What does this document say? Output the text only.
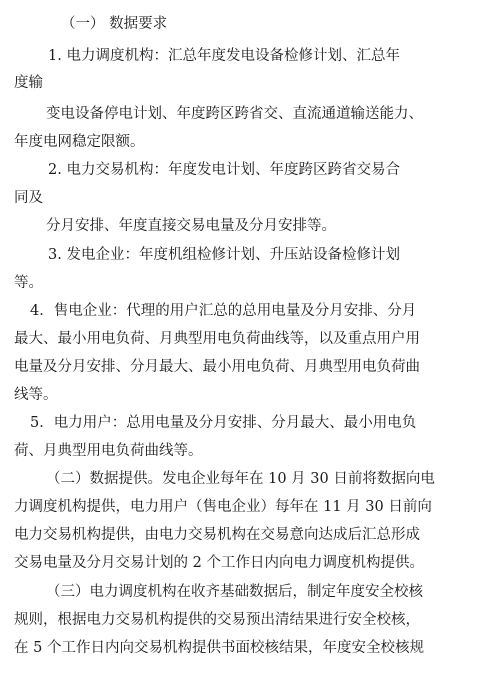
（一） 数据要求
1. 电力调度机构：汇总年度发电设备检修计划、汇总年
度输
变电设备停电计划、年度跨区跨省交、直流通道输送能力、
年度电网稳定限额。
2. 电力交易机构：年度发电计划、年度跨区跨省交易合
同及
分月安排、年度直接交易电量及分月安排等。
3. 发电企业：年度机组检修计划、升压站设备检修计划
等。
4．售电企业：代理的用户汇总的总用电量及分月安排、分月
最大、最小用电负荷、月典型用电负荷曲线等，以及重点用户用
电量及分月安排、分月最大、最小用电负荷、月典型用电负荷曲
线等。
5．电力用户：总用电量及分月安排、分月最大、最小用电负
荷、月典型用电负荷曲线等。
（二）数据提供。发电企业每年在 10 月 30 日前将数据向电
力调度机构提供，电力用户（售电企业）每年在 11 月 30 日前向
电力交易机构提供，由电力交易机构在交易意向达成后汇总形成
交易电量及分月交易计划的 2 个工作日内向电力调度机构提供。
（三）电力调度机构在收齐基础数据后，制定年度安全校核
规则，根据电力交易机构提供的交易预出清结果进行安全校核，
在 5 个工作日内向交易机构提供书面校核结果，年度安全校核规
